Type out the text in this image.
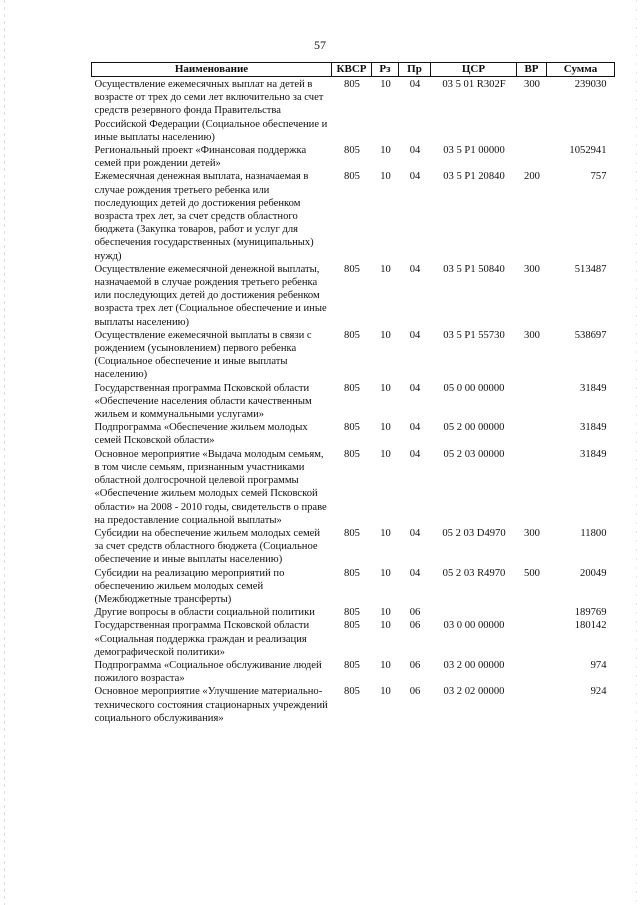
57
Наименование	КВСР	Рз	Пр	ЦСР	ВР	Сумма
Осуществление ежемесячных выплат на детей в возрасте от трех до семи лет включительно за счет средств резервного фонда Правительства Российской Федерации (Социальное обеспечение и иные выплаты населению)	805	10	04	03 5 01 R302F	300	239030
Региональный проект «Финансовая поддержка семей при рождении детей»	805	10	04	03 5 P1 00000		1052941
Ежемесячная денежная выплата, назначаемая в случае рождения третьего ребенка или последующих детей до достижения ребенком возраста трех лет, за счет средств областного бюджета (Закупка товаров, работ и услуг для обеспечения государственных (муниципальных) нужд)	805	10	04	03 5 P1 20840	200	757
Осуществление ежемесячной денежной выплаты, назначаемой в случае рождения третьего ребенка или последующих детей до достижения ребенком возраста трех лет (Социальное обеспечение и иные выплаты населению)	805	10	04	03 5 P1 50840	300	513487
Осуществление ежемесячной выплаты в связи с рождением (усыновлением) первого ребенка (Социальное обеспечение и иные выплаты населению)	805	10	04	03 5 P1 55730	300	538697
Государственная программа Псковской области «Обеспечение населения области качественным жильем и коммунальными услугами»	805	10	04	05 0 00 00000		31849
Подпрограмма «Обеспечение жильем молодых семей Псковской области»	805	10	04	05 2 00 00000		31849
Основное мероприятие «Выдача молодым семьям, в том числе семьям, признанным участниками областной долгосрочной целевой программы «Обеспечение жильем молодых семей Псковской области» на 2008 - 2010 годы, свидетельств о праве на предоставление социальной выплаты»	805	10	04	05 2 03 00000		31849
Субсидии на обеспечение жильем молодых семей за счет средств областного бюджета (Социальное обеспечение и иные выплаты населению)	805	10	04	05 2 03 D4970	300	11800
Субсидии на реализацию мероприятий по обеспечению жильем молодых семей (Межбюджетные трансферты)	805	10	04	05 2 03 R4970	500	20049
Другие вопросы в области социальной политики	805	10	06			189769
Государственная программа Псковской области «Социальная поддержка граждан и реализация демографической политики»	805	10	06	03 0 00 00000		180142
Подпрограмма «Социальное обслуживание людей пожилого возраста»	805	10	06	03 2 00 00000		974
Основное мероприятие «Улучшение материально-технического состояния стационарных учреждений социального обслуживания»	805	10	06	03 2 02 00000		924
